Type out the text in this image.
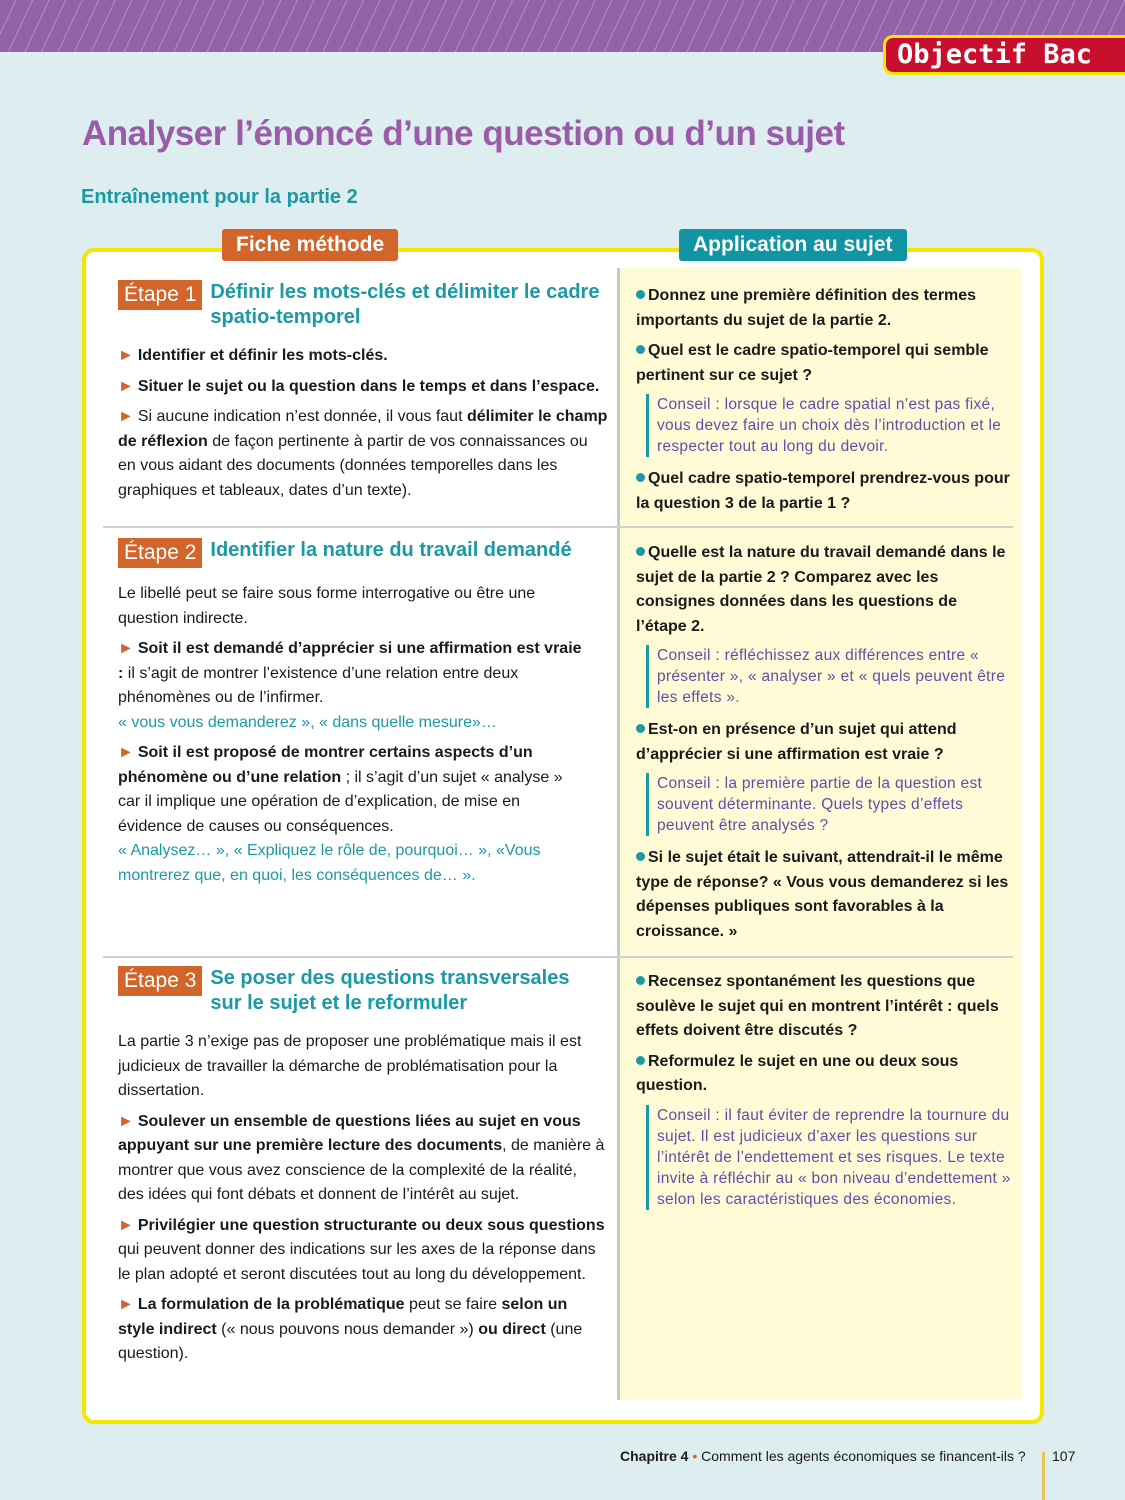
Objectif Bac
Analyser l’énoncé d’une question ou d’un sujet
Entraînement pour la partie 2
Fiche méthode	Application au sujet
Étape 1 Définir les mots-clés et délimiter le cadre spatio-temporel
► Identifier et définir les mots-clés.
► Situer le sujet ou la question dans le temps et dans l’espace.
► Si aucune indication n’est donnée, il vous faut délimiter le champ de réflexion de façon pertinente à partir de vos connaissances ou en vous aidant des documents (données temporelles dans les graphiques et tableaux, dates d’un texte).
Étape 2 Identifier la nature du travail demandé
Le libellé peut se faire sous forme interrogative ou être une question indirecte.
► Soit il est demandé d’apprécier si une affirmation est vraie : il s’agit de montrer l’existence d’une relation entre deux phénomènes ou de l’infirmer.
« vous vous demanderez », « dans quelle mesure»…
► Soit il est proposé de montrer certains aspects d’un phénomène ou d’une relation ; il s’agit d’un sujet « analyse » car il implique une opération de d’explication, de mise en évidence de causes ou conséquences.
« Analysez… », « Expliquez le rôle de, pourquoi… », «Vous montrerez que, en quoi, les conséquences de… ».
Étape 3 Se poser des questions transversales sur le sujet et le reformuler
La partie 3 n’exige pas de proposer une problématique mais il est judicieux de travailler la démarche de problématisation pour la dissertation.
► Soulever un ensemble de questions liées au sujet en vous appuyant sur une première lecture des documents, de manière à montrer que vous avez conscience de la complexité de la réalité, des idées qui font débats et donnent de l’intérêt au sujet.
► Privilégier une question structurante ou deux sous questions qui peuvent donner des indications sur les axes de la réponse dans le plan adopté et seront discutées tout au long du développement.
► La formulation de la problématique peut se faire selon un style indirect (« nous pouvons nous demander ») ou direct (une question).
Donnez une première définition des termes importants du sujet de la partie 2.
Quel est le cadre spatio-temporel qui semble pertinent sur ce sujet ?
Conseil : lorsque le cadre spatial n’est pas fixé, vous devez faire un choix dès l’introduction et le respecter tout au long du devoir.
Quel cadre spatio-temporel prendrez-vous pour la question 3 de la partie 1 ?
Quelle est la nature du travail demandé dans le sujet de la partie 2 ? Comparez avec les consignes données dans les questions de l’étape 2.
Conseil : réfléchissez aux différences entre « présenter », « analyser » et « quels peuvent être les effets ».
Est-on en présence d’un sujet qui attend d’apprécier si une affirmation est vraie ?
Conseil : la première partie de la question est souvent déterminante. Quels types d’effets peuvent être analysés ?
Si le sujet était le suivant, attendrait-il le même type de réponse? « Vous vous demanderez si les dépenses publiques sont favorables à la croissance. »
Recensez spontanément les questions que soulève le sujet qui en montrent l’intérêt : quels effets doivent être discutés ?
Reformulez le sujet en une ou deux sous question.
Conseil : il faut éviter de reprendre la tournure du sujet. Il est judicieux d’axer les questions sur l’intérêt de l’endettement et ses risques. Le texte invite à réfléchir au « bon niveau d’endettement » selon les caractéristiques des économies.
Chapitre 4 • Comment les agents économiques se financent-ils ? 107
